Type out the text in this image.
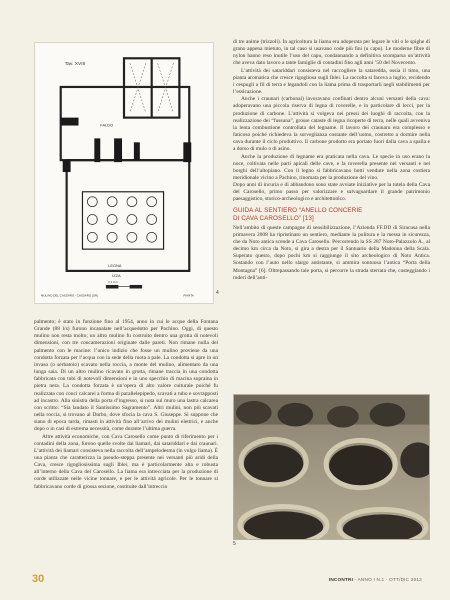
Tav. XVIII
FALDO
LEGNA
IZZA
0 1 2 m
MULINO DEL CASSARO - CASSARO (SR)	PIANTA	4

di tre anime (trizzoli). In agricoltura la liama era adoperata per legare le viti o le spighe di grano appena mietuto, in tal caso si usavano code più fini (u capu). Le moderne fibre di nylon hanno reso inutile l’uso del capu, condannando a definitiva scomparsa un’attività che aveva dato lavoro a tante famiglie di contadini fino agli anni ’50 del Novecento.

L’attività dei satariddari consisteva nel raccogliere la sataredda, ossia il timo, una pianta aromatica che cresce rigogliosa sugli Iblei. La raccolta si faceva a luglio, recidendo i cespugli a fil di terra e legandoli con la liama prima di trasportarli negli stabilimenti per l’essicazione.

Anche i craunari (carbonai) lavoravano confinati dentro alcuni versanti della cava: adoperavano una piccola riserva di legna di roverelle, e in particolare di lecci, per la produzione di carbone. L’attività si volgeva nei pressi dei luoghi di raccolta, con la realizzazione dei “fussuna”, grosse cataste di legna ricoperte di terra, nelle quali avveniva la lenta combustione controllata del legname. Il lavoro dei craunaru era complesso e faticoso poiché richiedeva la sorveglianza costante dell’uomo, costretto a dormire nella cava durante il ciclo produttivo. Il carbone prodotto era portato fuori dalla cava a spalla e a dorso di mulo o di asino.

Anche la produzione di legname era praticata nella cava. Le specie in uso erano la noce, coltivata nelle parti apicali delle cave, e la roverella presente nei versanti e nei borghi dell’altopiano. Con il legno si fabbricavano botti vendute nella zona costiera meridionale vicino a Pachino, rinomata per la produzione del vino.

Dopo anni di incuria e di abbandono sono state avviate iniziative per la tutela della Cava del Carosello, primo passo per valorizzare e salvaguardare il grande patrimonio paesaggistico, storico-archeologico e architettonico.

GUIDA AL SENTIERO “ANELLO CONCERIE
DI CAVA CAROSELLO” [13]

Nell’ambito di queste campagne di sensibilizzazione, l’Azienda FF.DD di Siracusa nella primavera 2008 ha ripristinato un sentiero, mediante la pulitura e la messa in sicurezza, che da Noto antica scende a Cava Carosello. Percorrendo la SS 287 Noto-Palazzolo A., al decimo km circa da Noto, si gira a destra per il Santuario della Madonna della Scala. Superato questo, dopo pochi km si raggiunge il sito archeologico di Noto Antica. Sostando con l’auto nello slargo antistante, si ammira sontuosa l’antica “Porta della Montagna” [6]. Oltrepassando tale porta, si percorre la strada sterrata che, costeggiando i ruderi dell’anti-

palmento; è stato in funzione fino al 1954, anno in cui le acque della Fontana Grande (88 l/s) furono incanalate nell’acquedotto per Pachino. Oggi, di questo mulino non resta molto; un altro mulino fu costruito dentro una grotta di notevoli dimensioni, con tre concamerazioni originate dalle pareti. Non rimane nulla del palmento con le macine: l’unico indizio che fosse un mulino proviene da una condotta forzata per l’acqua con la sede della ruota a pale. La condotta si apre in un invaso (o serbatoio) scavato nella roccia, a monte del mulino, alimentato da una lunga saia. Di un altro mulino ricavato in grotta, rimane traccia in una condotta fabbricata con tubi di notevoli dimensioni e in uno specchio di macina sopraina in pietra nera. La condotta forzata è un’opera di alto valore culturale poiché fu realizzata con conci calcarei a forma di parallelepipedo, scavati a tubo e sovrapposti ad incastro. Alla sinistra della porta d’ingresso, si nota sul muro una lastra calcarea con scritto: “Sia laudato il Santissimo Sagramento”. Altri mulini, non più scavati nella roccia, si trovano al Durbo, dove sfocia la cava S. Giuseppe. Si suppone che siano di epoca tarda, rimasti in attività fino all’arrivo dei mulini elettrici, e anche dopo o in casi di estrema necessità, come durante l’ultima guerra.

Altre attività economiche, con Cava Carosello come punto di riferimento per i contadini della zona, furono quelle svolte dai liamari, dai satariddari e dai craunari. L’attività dei liamari consisteva nella raccolta dell’ampelodesma (in vulgo liama). È una pianta che caratterizza la pseudo-steppa presente nei versanti più aridi della Cava, cresce rigogliosissima sugli Iblei, ma è particolarmente alta e robusta all’interno della Cava del Carosello. La liama era intrecciata per la produzione di corde utilizzate nelle vicine tonnare, e per le attività agricole. Per le tonnare si fabbricavano corde di grossa sezione, costituite dall’intreccio

5
30	INCONTRI - ANNO I N.1 · OTT/DIC 2012
